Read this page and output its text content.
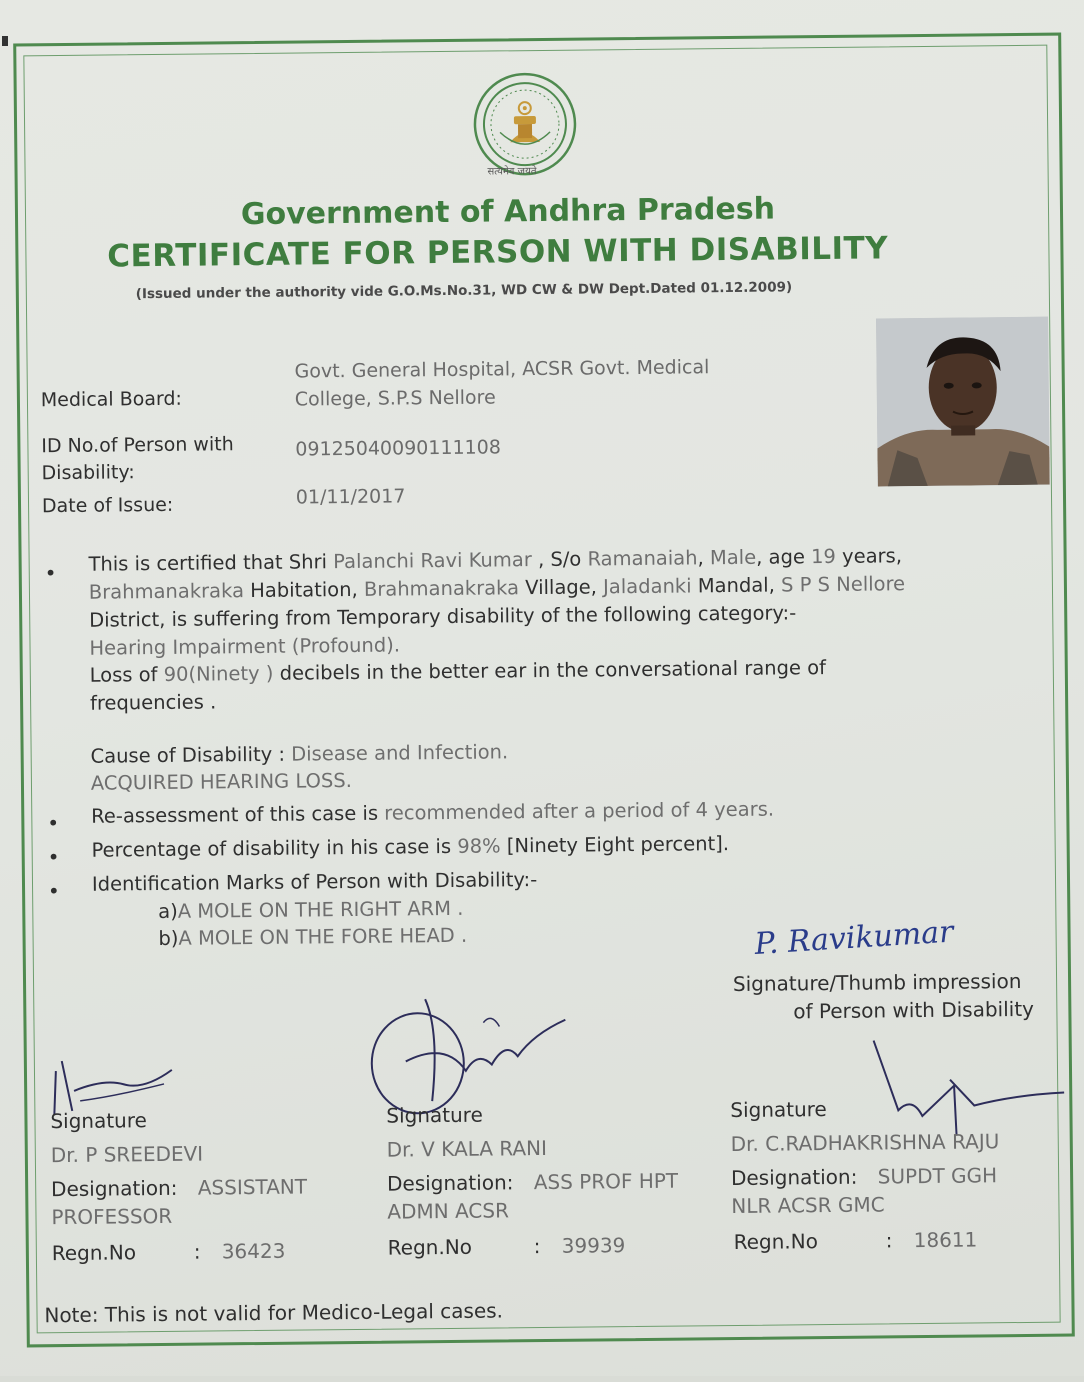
सत्यमेव जयते
Government of Andhra Pradesh
CERTIFICATE FOR PERSON WITH DISABILITY
(Issued under the authority vide G.O.Ms.No.31, WD CW & DW Dept.Dated 01.12.2009)
Medical Board:
Govt. General Hospital, ACSR Govt. Medical
College, S.P.S Nellore
ID No.of Person with
Disability:
09125040090111108
Date of Issue:	01/11/2017
• This is certified that Shri Palanchi Ravi Kumar , S/o Ramanaiah, Male, age 19 years,
Brahmanakraka Habitation, Brahmanakraka Village, Jaladanki Mandal, S P S Nellore
District, is suffering from Temporary disability of the following category:-
Hearing Impairment (Profound).
Loss of 90(Ninety ) decibels in the better ear in the conversational range of
frequencies .
Cause of Disability : Disease and Infection.
ACQUIRED HEARING LOSS.
• Re-assessment of this case is recommended after a period of 4 years.
• Percentage of disability in his case is 98% [Ninety Eight percent].
• Identification Marks of Person with Disability:-
a)A MOLE ON THE RIGHT ARM .
b)A MOLE ON THE FORE HEAD .	P. Ravikumar
Signature/Thumb impression
of Person with Disability
Signature
Dr. P SREEDEVI
Designation: ASSISTANT
PROFESSOR
Regn.No	: 36423
Signature
Dr. V KALA RANI
Designation: ASS PROF HPT
ADMN ACSR
Regn.No	: 39939
Signature
Dr. C.RADHAKRISHNA RAJU
Designation: SUPDT GGH
NLR ACSR GMC
Regn.No	: 18611
Note: This is not valid for Medico-Legal cases.
